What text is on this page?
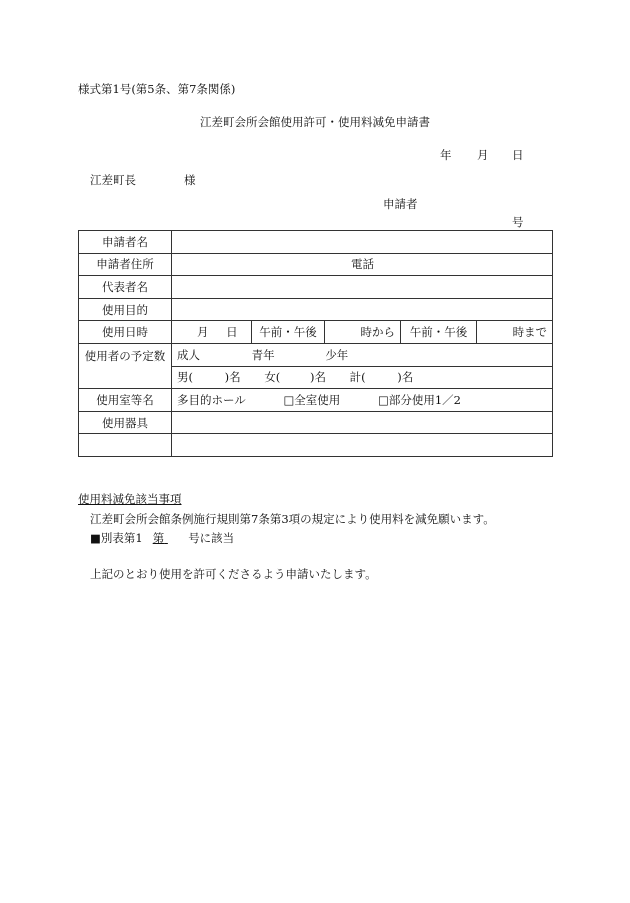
様式第1号(第5条、第7条関係)
江差町会所会館使用許可・使用料減免申請書
年 月 日
江差町長	様
申請者
号
申請者名					
申請者住所	電話				
代表者名					
使用目的					
使用日時	月 日	午前・午後	時から	午前・午後	時まで
使用者の予定数	成人 青年 少年				
	男( )名 女( )名 計( )名				
使用室等名	多目的ホール □全室使用 □部分使用1／2				
使用器具					

使用料減免該当事項
江差町会所会館条例施行規則第7条第3項の規定により使用料を減免願います。
■別表第1 第 号に該当
上記のとおり使用を許可くださるよう申請いたします。
